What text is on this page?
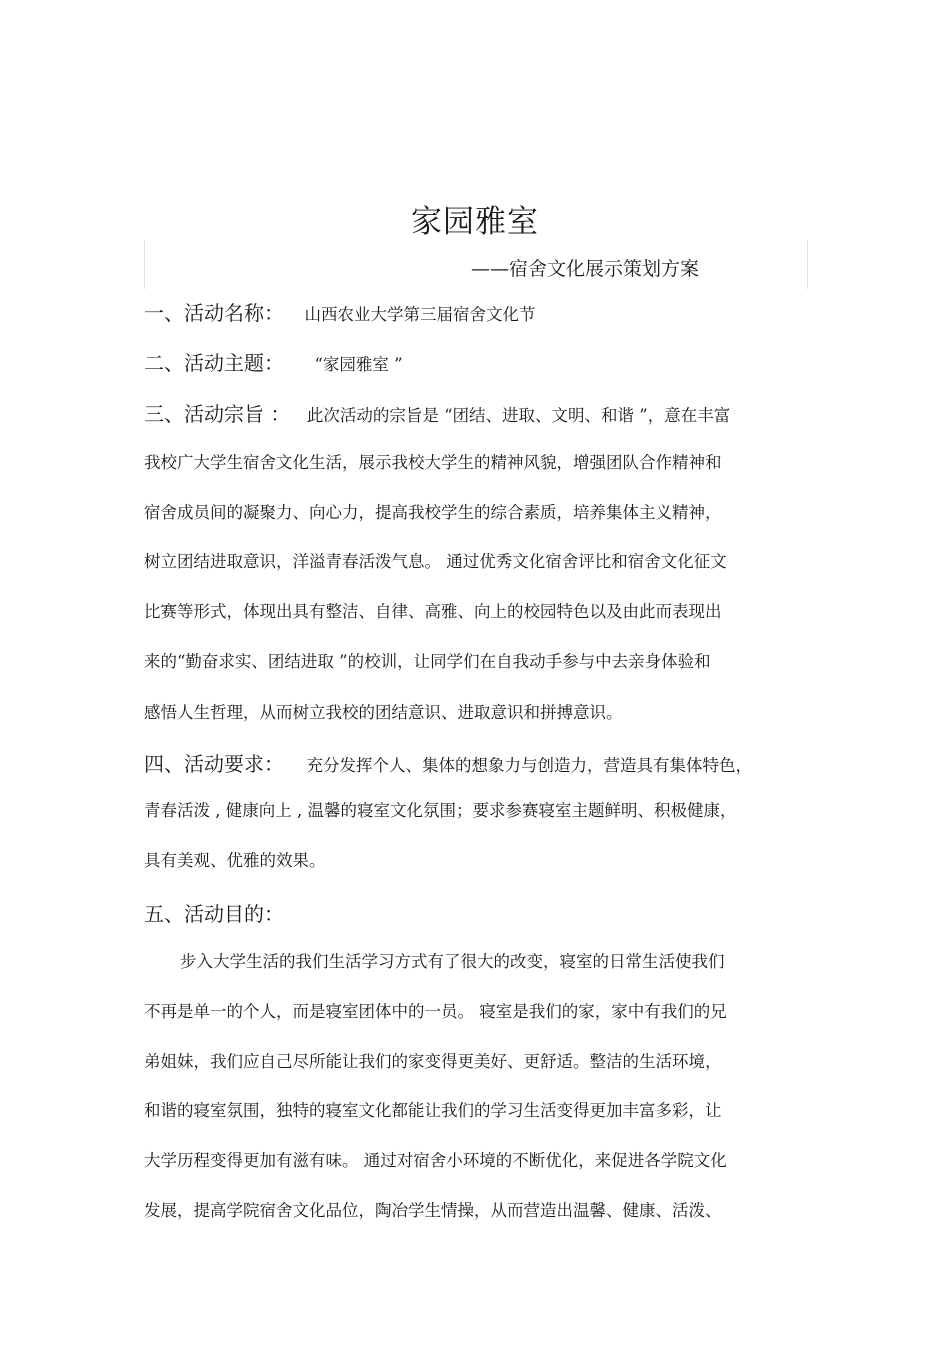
家园雅室
——宿舍文化展示策划方案
一、活动名称： 山西农业大学第三届宿舍文化节
二、活动主题： “家园雅室 ”
三、活动宗旨 ： 此次活动的宗旨是 “团结、进取、文明、和谐 ”，意在丰富
我校广大学生宿舍文化生活，展示我校大学生的精神风貌，增强团队合作精神和
宿舍成员间的凝聚力、向心力，提高我校学生的综合素质，培养集体主义精神，
树立团结进取意识，洋溢青春活泼气息。 通过优秀文化宿舍评比和宿舍文化征文
比赛等形式，体现出具有整洁、自律、高雅、向上的校园特色以及由此而表现出
来的“勤奋求实、团结进取 ”的校训，让同学们在自我动手参与中去亲身体验和
感悟人生哲理，从而树立我校的团结意识、进取意识和拼搏意识。
四、活动要求： 充分发挥个人、集体的想象力与创造力，营造具有集体特色，
青春活泼 , 健康向上 , 温馨的寝室文化氛围；要求参赛寝室主题鲜明、积极健康，
具有美观、优雅的效果。
五、活动目的：
步入大学生活的我们生活学习方式有了很大的改变，寝室的日常生活使我们
不再是单一的个人，而是寝室团体中的一员。 寝室是我们的家，家中有我们的兄
弟姐妹，我们应自己尽所能让我们的家变得更美好、更舒适。整洁的生活环境，
和谐的寝室氛围，独特的寝室文化都能让我们的学习生活变得更加丰富多彩，让
大学历程变得更加有滋有味。 通过对宿舍小环境的不断优化，来促进各学院文化
发展，提高学院宿舍文化品位，陶冶学生情操，从而营造出温馨、健康、活泼、
